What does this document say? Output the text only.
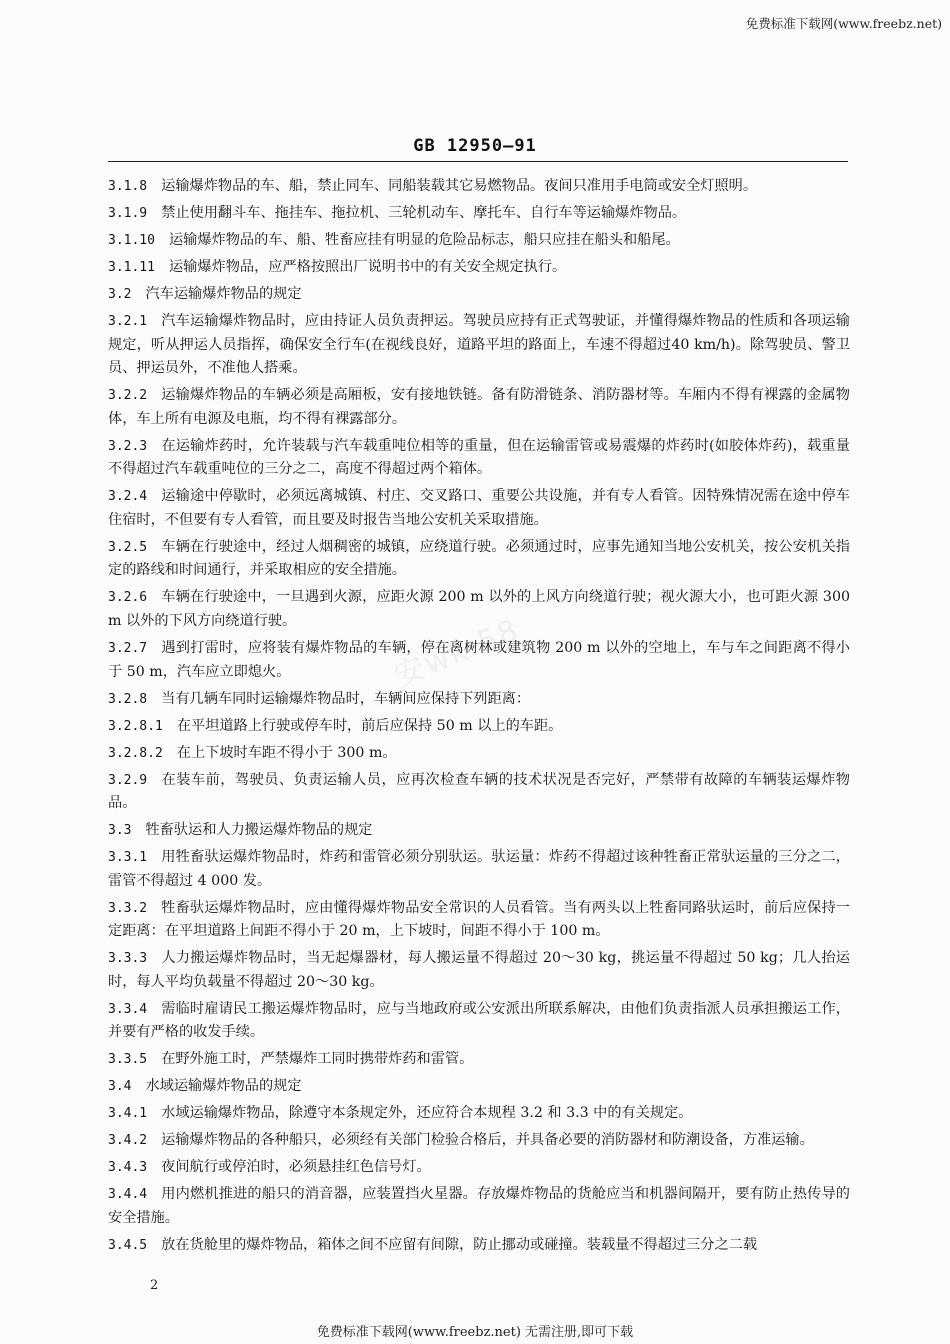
免费标准下载网(www.freebz.net)
GB 12950—91
安wk.58

3.1.8 运输爆炸物品的车、船，禁止同车、同船装载其它易燃物品。夜间只准用手电筒或安全灯照明。

3.1.9 禁止使用翻斗车、拖挂车、拖拉机、三轮机动车、摩托车、自行车等运输爆炸物品。

3.1.10 运输爆炸物品的车、船、牲畜应挂有明显的危险品标志，船只应挂在船头和船尾。

3.1.11 运输爆炸物品，应严格按照出厂说明书中的有关安全规定执行。

3.2 汽车运输爆炸物品的规定

3.2.1 汽车运输爆炸物品时，应由持证人员负责押运。驾驶员应持有正式驾驶证，并懂得爆炸物品的性质和各项运输规定，听从押运人员指挥，确保安全行车(在视线良好，道路平坦的路面上，车速不得超过40 km/h)。除驾驶员、警卫员、押运员外，不准他人搭乘。

3.2.2 运输爆炸物品的车辆必须是高厢板，安有接地铁链。备有防滑链条、消防器材等。车厢内不得有裸露的金属物体，车上所有电源及电瓶，均不得有裸露部分。

3.2.3 在运输炸药时，允许装载与汽车载重吨位相等的重量，但在运输雷管或易震爆的炸药时(如胶体炸药)，载重量不得超过汽车载重吨位的三分之二，高度不得超过两个箱体。

3.2.4 运输途中停歇时，必须远离城镇、村庄、交叉路口、重要公共设施，并有专人看管。因特殊情况需在途中停车住宿时，不但要有专人看管，而且要及时报告当地公安机关采取措施。

3.2.5 车辆在行驶途中，经过人烟稠密的城镇，应绕道行驶。必须通过时，应事先通知当地公安机关，按公安机关指定的路线和时间通行，并采取相应的安全措施。

3.2.6 车辆在行驶途中，一旦遇到火源，应距火源 200 m 以外的上风方向绕道行驶；视火源大小，也可距火源 300 m 以外的下风方向绕道行驶。

3.2.7 遇到打雷时，应将装有爆炸物品的车辆，停在离树林或建筑物 200 m 以外的空地上，车与车之间距离不得小于 50 m，汽车应立即熄火。

3.2.8 当有几辆车同时运输爆炸物品时，车辆间应保持下列距离：

3.2.8.1 在平坦道路上行驶或停车时，前后应保持 50 m 以上的车距。

3.2.8.2 在上下坡时车距不得小于 300 m。

3.2.9 在装车前，驾驶员、负责运输人员，应再次检查车辆的技术状况是否完好，严禁带有故障的车辆装运爆炸物品。

3.3 牲畜驮运和人力搬运爆炸物品的规定

3.3.1 用牲畜驮运爆炸物品时，炸药和雷管必须分别驮运。驮运量：炸药不得超过该种牲畜正常驮运量的三分之二，雷管不得超过 4 000 发。

3.3.2 牲畜驮运爆炸物品时，应由懂得爆炸物品安全常识的人员看管。当有两头以上牲畜同路驮运时，前后应保持一定距离：在平坦道路上间距不得小于 20 m，上下坡时，间距不得小于 100 m。

3.3.3 人力搬运爆炸物品时，当无起爆器材，每人搬运量不得超过 20～30 kg，挑运量不得超过 50 kg；几人抬运时，每人平均负载量不得超过 20～30 kg。

3.3.4 需临时雇请民工搬运爆炸物品时，应与当地政府或公安派出所联系解决，由他们负责指派人员承担搬运工作，并要有严格的收发手续。

3.3.5 在野外施工时，严禁爆炸工同时携带炸药和雷管。

3.4 水域运输爆炸物品的规定

3.4.1 水域运输爆炸物品，除遵守本条规定外，还应符合本规程 3.2 和 3.3 中的有关规定。

3.4.2 运输爆炸物品的各种船只，必须经有关部门检验合格后，并具备必要的消防器材和防潮设备，方准运输。

3.4.3 夜间航行或停泊时，必须悬挂红色信号灯。

3.4.4 用内燃机推进的船只的消音器，应装置挡火星器。存放爆炸物品的货舱应当和机器间隔开，要有防止热传导的安全措施。

3.4.5 放在货舱里的爆炸物品，箱体之间不应留有间隙，防止挪动或碰撞。装载量不得超过三分之二载

2
免费标准下载网(www.freebz.net) 无需注册,即可下载
